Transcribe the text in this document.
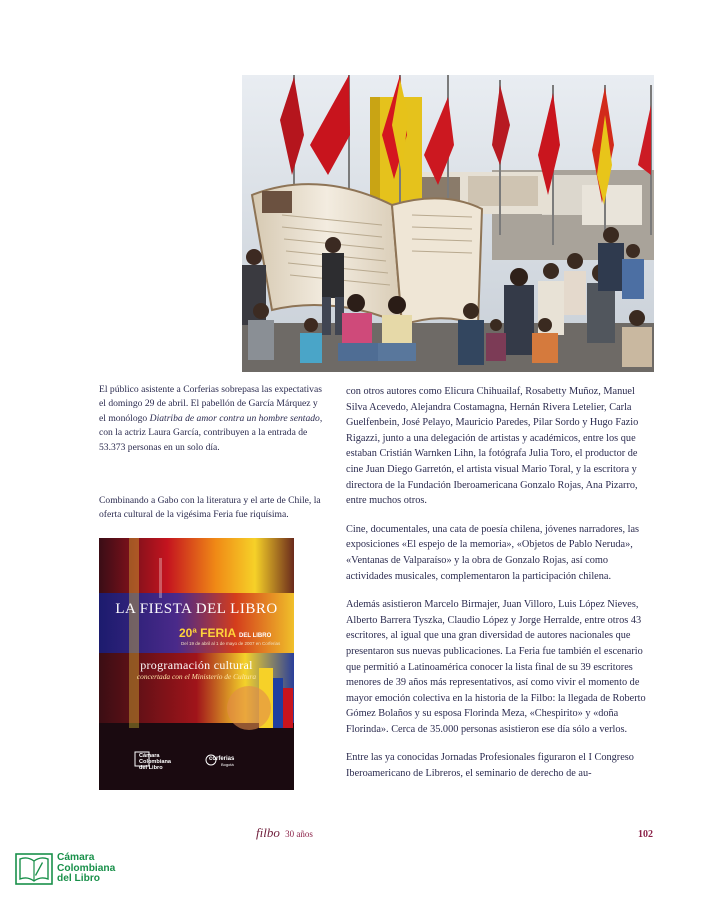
El público asistente a Corferias sobrepasa las expectativas el domingo 29 de abril. El pabellón de García Márquez y el monólogo Diatriba de amor contra un hombre sentado, con la actriz Laura García, contribuyen a la entrada de 53.373 personas en un solo día.

Combinando a Gabo con la literatura y el arte de Chile, la oferta cultural de la vigésima Feria fue riquísima.

LA FIESTA DEL LIBRO
20ª FERIA DEL LIBRO
Del 19 de abril al 1 de mayo de 2007 en Corferias
programación cultural
concertada con el Ministerio de Cultura
Cámara
Colombiana
del Libro
corferias
Bogotá

con otros autores como Elicura Chihuailaf, Rosabetty Muñoz, Manuel Silva Acevedo, Alejandra Costamagna, Hernán Rivera Letelier, Carla Guelfenbein, José Pelayo, Mauricio Paredes, Pilar Sordo y Hugo Fazio Rigazzi, junto a una delegación de artistas y académicos, entre los que estaban Cristián Warnken Lihn, la fotógrafa Julia Toro, el productor de cine Juan Diego Garretón, el artista visual Mario Toral, y la escritora y directora de la Fundación Iberoamericana Gonzalo Rojas, Ana Pizarro, entre muchos otros.

Cine, documentales, una cata de poesía chilena, jóvenes narradores, las exposiciones «El espejo de la memoria», «Objetos de Pablo Neruda», «Ventanas de Valparaíso» y la obra de Gonzalo Rojas, así como actividades musicales, complementaron la participación chilena.

Además asistieron Marcelo Birmajer, Juan Villoro, Luis López Nieves, Alberto Barrera Tyszka, Claudio López y Jorge Herralde, entre otros 43 escritores, al igual que una gran diversidad de autores nacionales que presentaron sus nuevas publicaciones. La Feria fue también el escenario que permitió a Latinoamérica conocer la lista final de su 39 escritores menores de 39 años más representativos, así como vivir el momento de mayor emoción colectiva en la historia de la Filbo: la llegada de Roberto Gómez Bolaños y su esposa Florinda Meza, «Chespirito» y «doña Florinda». Cerca de 35.000 personas asistieron ese día sólo a verlos.

Entre las ya conocidas Jornadas Profesionales figuraron el I Congreso Iberoamericano de Libreros, el seminario de derecho de au-

filbo 30 años	102
Cámara
Colombiana
del Libro
